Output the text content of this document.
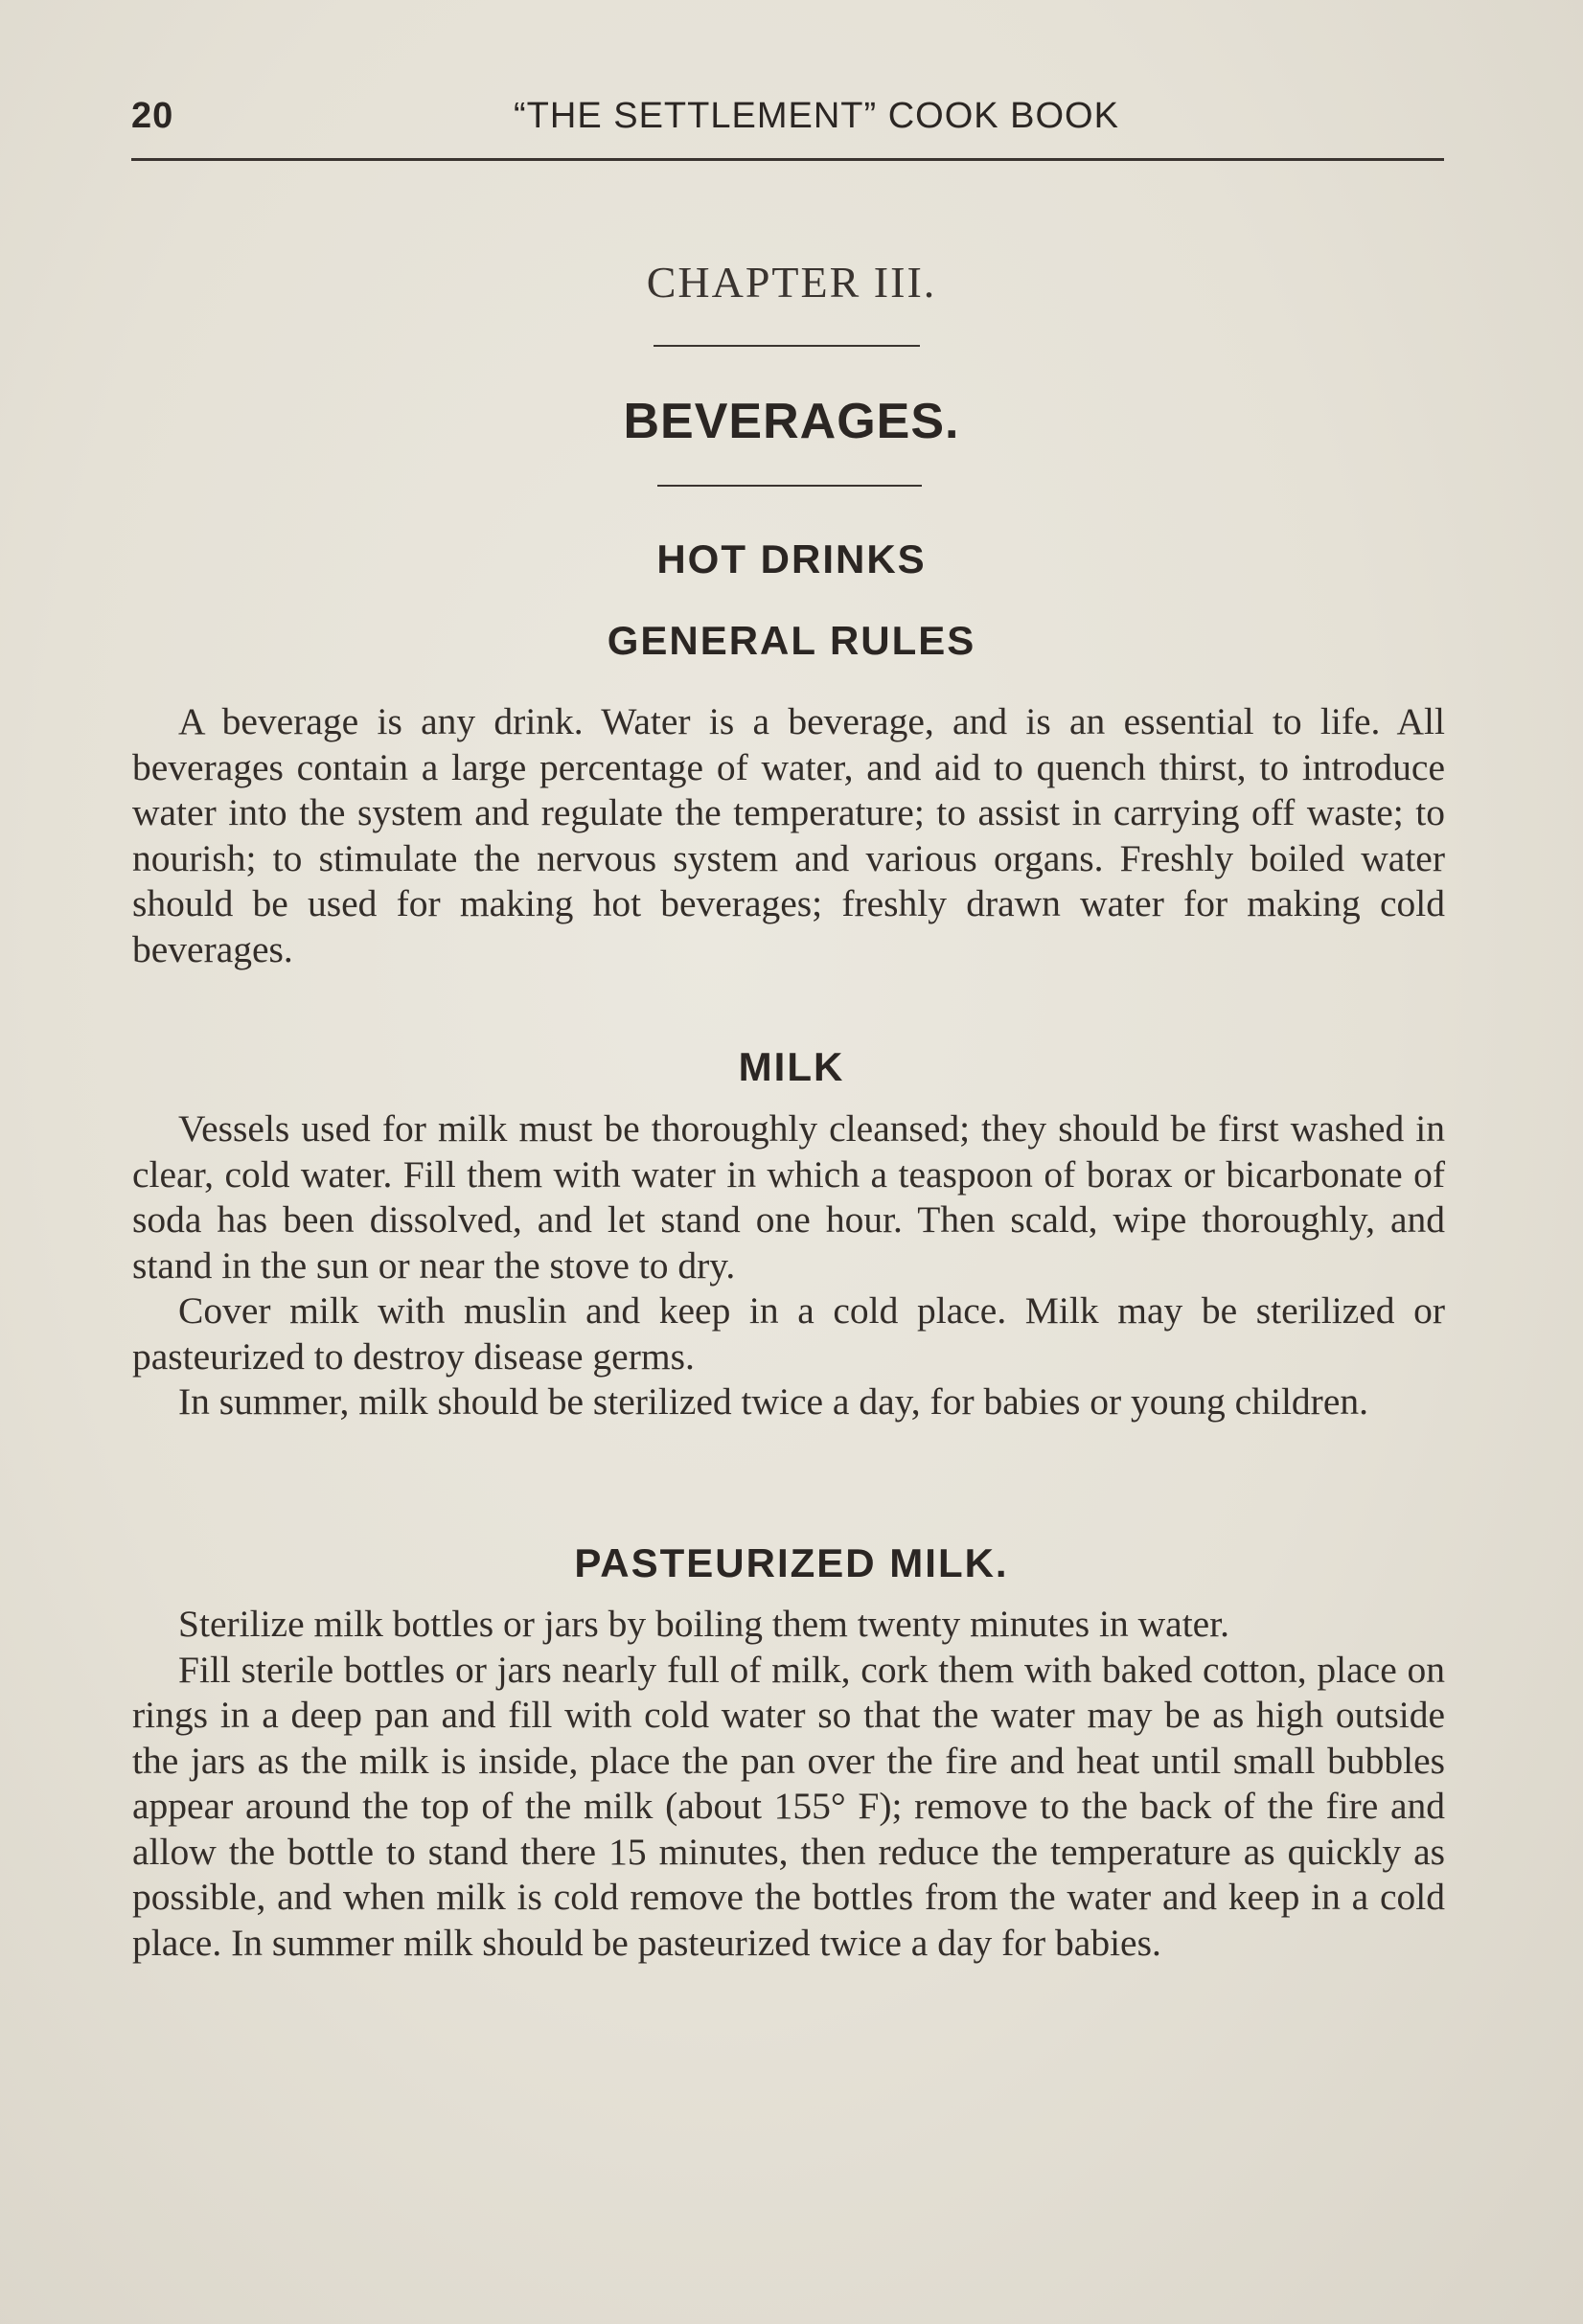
20	“THE SETTLEMENT” COOK BOOK
CHAPTER III.
BEVERAGES.
HOT DRINKS
GENERAL RULES

A beverage is any drink. Water is a beverage, and is an essential to life. All beverages contain a large percentage of water, and aid to quench thirst, to introduce water into the system and regulate the temperature; to assist in carrying off waste; to nourish; to stimulate the nervous system and various organs. Freshly boiled water should be used for making hot beverages; freshly drawn water for making cold beverages.

MILK

Vessels used for milk must be thoroughly cleansed; they should be first washed in clear, cold water. Fill them with water in which a teaspoon of borax or bicarbonate of soda has been dissolved, and let stand one hour. Then scald, wipe thoroughly, and stand in the sun or near the stove to dry.

Cover milk with muslin and keep in a cold place. Milk may be sterilized or pasteurized to destroy disease germs.

In summer, milk should be sterilized twice a day, for babies or young children.

PASTEURIZED MILK.

Sterilize milk bottles or jars by boiling them twenty minutes in water.

Fill sterile bottles or jars nearly full of milk, cork them with baked cotton, place on rings in a deep pan and fill with cold water so that the water may be as high outside the jars as the milk is inside, place the pan over the fire and heat until small bubbles appear around the top of the milk (about 155° F); remove to the back of the fire and allow the bottle to stand there 15 minutes, then reduce the temperature as quickly as possible, and when milk is cold remove the bottles from the water and keep in a cold place. In summer milk should be pasteurized twice a day for babies.
